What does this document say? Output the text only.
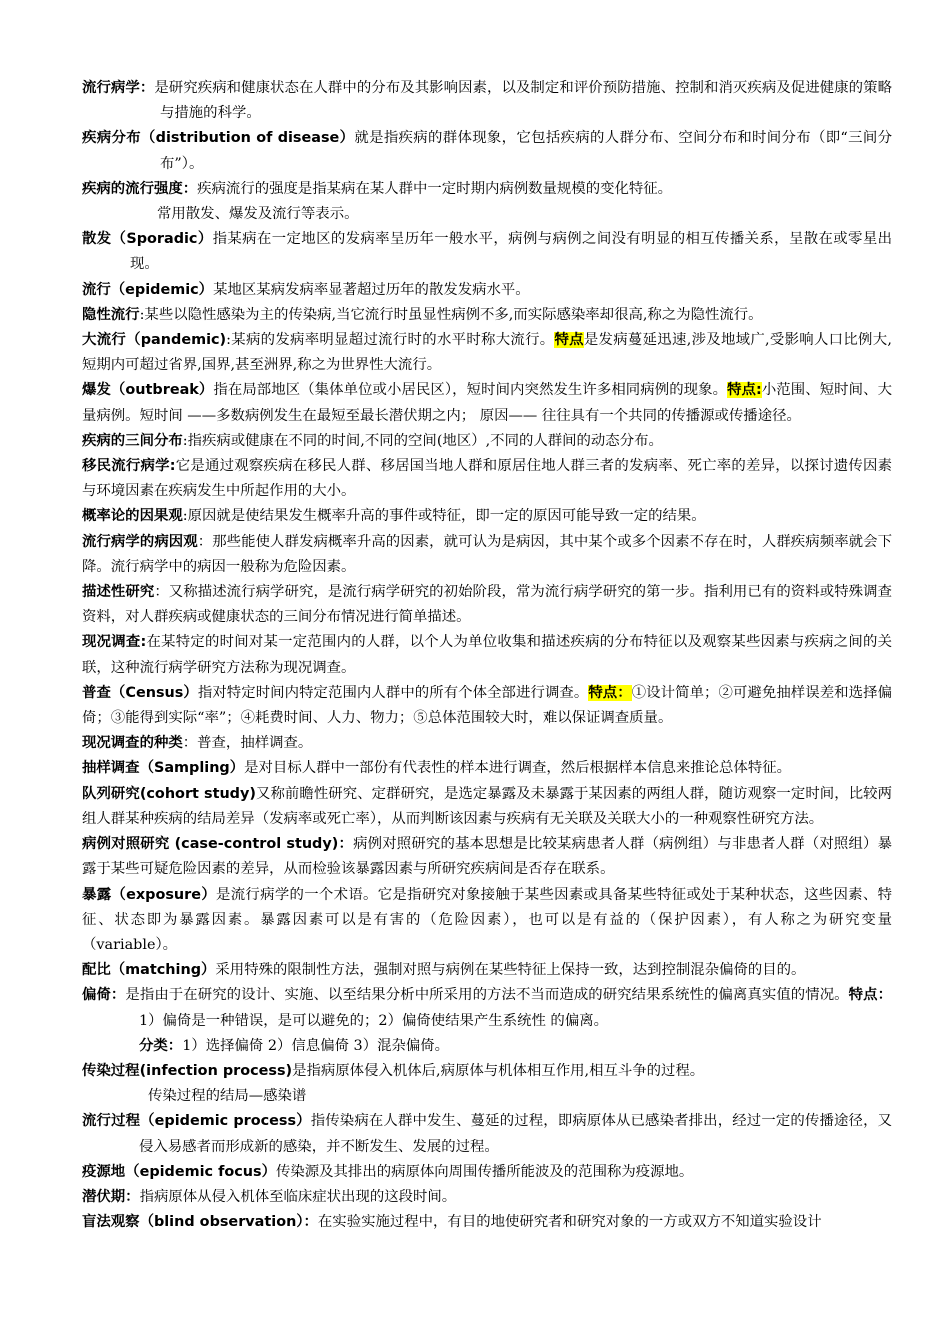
流行病学：是研究疾病和健康状态在人群中的分布及其影响因素，以及制定和评价预防措施、控制和消灭疾病及促进健康的策略与措施的科学。

疾病分布（distribution of disease）就是指疾病的群体现象，它包括疾病的人群分布、空间分布和时间分布（即“三间分布”）。

疾病的流行强度：疾病流行的强度是指某病在某人群中一定时期内病例数量规模的变化特征。

常用散发、爆发及流行等表示。

散发（Sporadic）指某病在一定地区的发病率呈历年一般水平，病例与病例之间没有明显的相互传播关系，呈散在或零星出现。

流行（epidemic）某地区某病发病率显著超过历年的散发发病水平。

隐性流行:某些以隐性感染为主的传染病,当它流行时虽显性病例不多,而实际感染率却很高,称之为隐性流行。

大流行（pandemic):某病的发病率明显超过流行时的水平时称大流行。特点是发病蔓延迅速,涉及地域广,受影响人口比例大, 短期内可超过省界,国界,甚至洲界,称之为世界性大流行。

爆发（outbreak）指在局部地区（集体单位或小居民区），短时间内突然发生许多相同病例的现象。特点:小范围、短时间、大量病例。短时间 ——多数病例发生在最短至最长潜伏期之内； 原因—— 往往具有一个共同的传播源或传播途径。

疾病的三间分布:指疾病或健康在不同的时间,不同的空间(地区）,不同的人群间的动态分布。

移民流行病学:它是通过观察疾病在移民人群、移居国当地人群和原居住地人群三者的发病率、死亡率的差异，以探讨遗传因素与环境因素在疾病发生中所起作用的大小。

概率论的因果观:原因就是使结果发生概率升高的事件或特征，即一定的原因可能导致一定的结果。

流行病学的病因观：那些能使人群发病概率升高的因素，就可认为是病因，其中某个或多个因素不存在时，人群疾病频率就会下降。流行病学中的病因一般称为危险因素。

描述性研究：又称描述流行病学研究，是流行病学研究的初始阶段，常为流行病学研究的第一步。指利用已有的资料或特殊调查资料，对人群疾病或健康状态的三间分布情况进行简单描述。

现况调查:在某特定的时间对某一定范围内的人群，以个人为单位收集和描述疾病的分布特征以及观察某些因素与疾病之间的关联，这种流行病学研究方法称为现况调查。

普查（Census）指对特定时间内特定范围内人群中的所有个体全部进行调查。特点：①设计简单；②可避免抽样误差和选择偏倚；③能得到实际“率”；④耗费时间、人力、物力；⑤总体范围较大时，难以保证调查质量。

现况调查的种类：普查，抽样调查。

抽样调查（Sampling）是对目标人群中一部份有代表性的样本进行调查，然后根据样本信息来推论总体特征。

队列研究(cohort study)又称前瞻性研究、定群研究，是选定暴露及未暴露于某因素的两组人群，随访观察一定时间，比较两组人群某种疾病的结局差异（发病率或死亡率），从而判断该因素与疾病有无关联及关联大小的一种观察性研究方法。

病例对照研究 (case-control study)：病例对照研究的基本思想是比较某病患者人群（病例组）与非患者人群（对照组）暴露于某些可疑危险因素的差异，从而检验该暴露因素与所研究疾病间是否存在联系。

暴露（exposure）是流行病学的一个术语。它是指研究对象接触于某些因素或具备某些特征或处于某种状态，这些因素、特征、状态即为暴露因素。暴露因素可以是有害的（危险因素），也可以是有益的（保护因素），有人称之为研究变量（variable）。

配比（matching）采用特殊的限制性方法，强制对照与病例在某些特征上保持一致，达到控制混杂偏倚的目的。

偏倚：是指由于在研究的设计、实施、以至结果分析中所采用的方法不当而造成的研究结果系统性的偏离真实值的情况。特点： 1）偏倚是一种错误，是可以避免的；2）偏倚使结果产生系统性 的偏离。

分类：1）选择偏倚 2）信息偏倚 3）混杂偏倚。

传染过程(infection process)是指病原体侵入机体后,病原体与机体相互作用,相互斗争的过程。

传染过程的结局—感染谱

流行过程（epidemic process）指传染病在人群中发生、蔓延的过程，即病原体从已感染者排出，经过一定的传播途径，又侵入易感者而形成新的感染，并不断发生、发展的过程。

疫源地（epidemic focus）传染源及其排出的病原体向周围传播所能波及的范围称为疫源地。

潜伏期：指病原体从侵入机体至临床症状出现的这段时间。

盲法观察（blind observation）：在实验实施过程中，有目的地使研究者和研究对象的一方或双方不知道实验设计
